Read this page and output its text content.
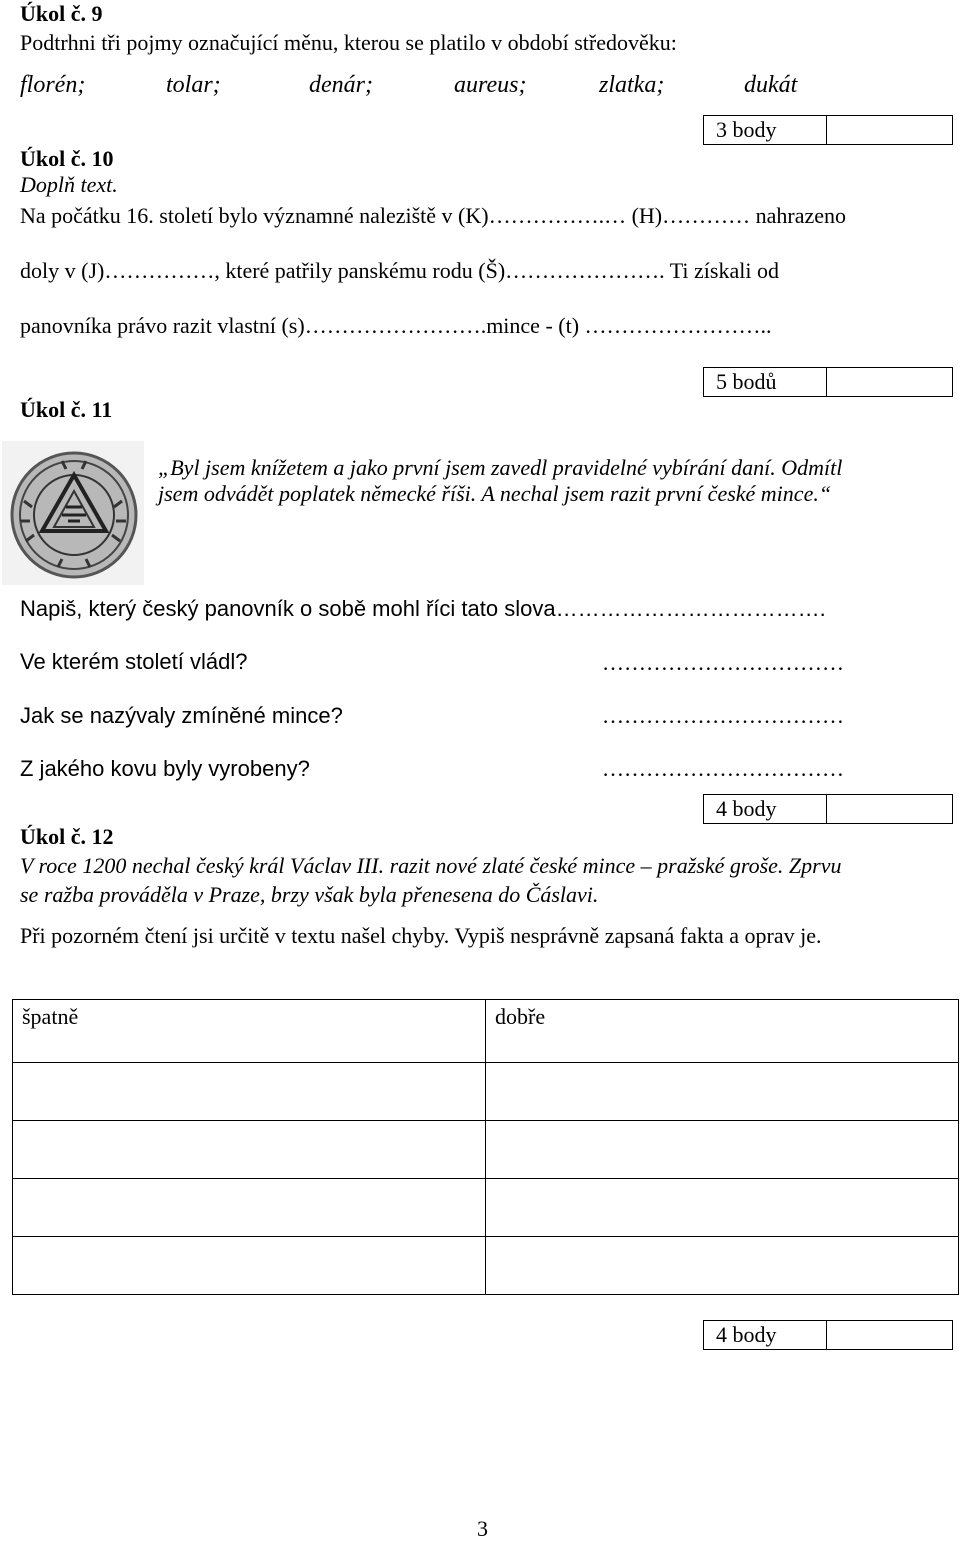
Úkol č. 9
Podtrhni tři pojmy označující měnu, kterou se platilo v období středověku:
florén;	tolar;	denár;	aureus;	zlatka;	dukát
3 body
Úkol č. 10
Doplň text.
Na počátku 16. století bylo významné naleziště v (K)…………….… (H)………… nahrazeno
doly v (J)……………, které patřily panskému rodu (Š)…………………. Ti získali od
panovníka právo razit vlastní (s)…………………….mince - (t) ……………………..
5 bodů
Úkol č. 11
„Byl jsem knížetem a jako první jsem zavedl pravidelné vybírání daní. Odmítl
jsem odvádět poplatek německé říši. A nechal jsem razit první české mince.“
Napiš, který český panovník o sobě mohl říci tato slova……………………………….
Ve kterém století vládl?	……………………………
Jak se nazývaly zmíněné mince?	……………………………
Z jakého kovu byly vyrobeny?	……………………………
4 body
Úkol č. 12
V roce 1200 nechal český král Václav III. razit nové zlaté české mince – pražské groše. Zprvu
se ražba prováděla v Praze, brzy však byla přenesena do Čáslavi.
Při pozorném čtení jsi určitě v textu našel chyby. Vypiš nesprávně zapsaná fakta a oprav je.
špatně	dobře

4 body
3
